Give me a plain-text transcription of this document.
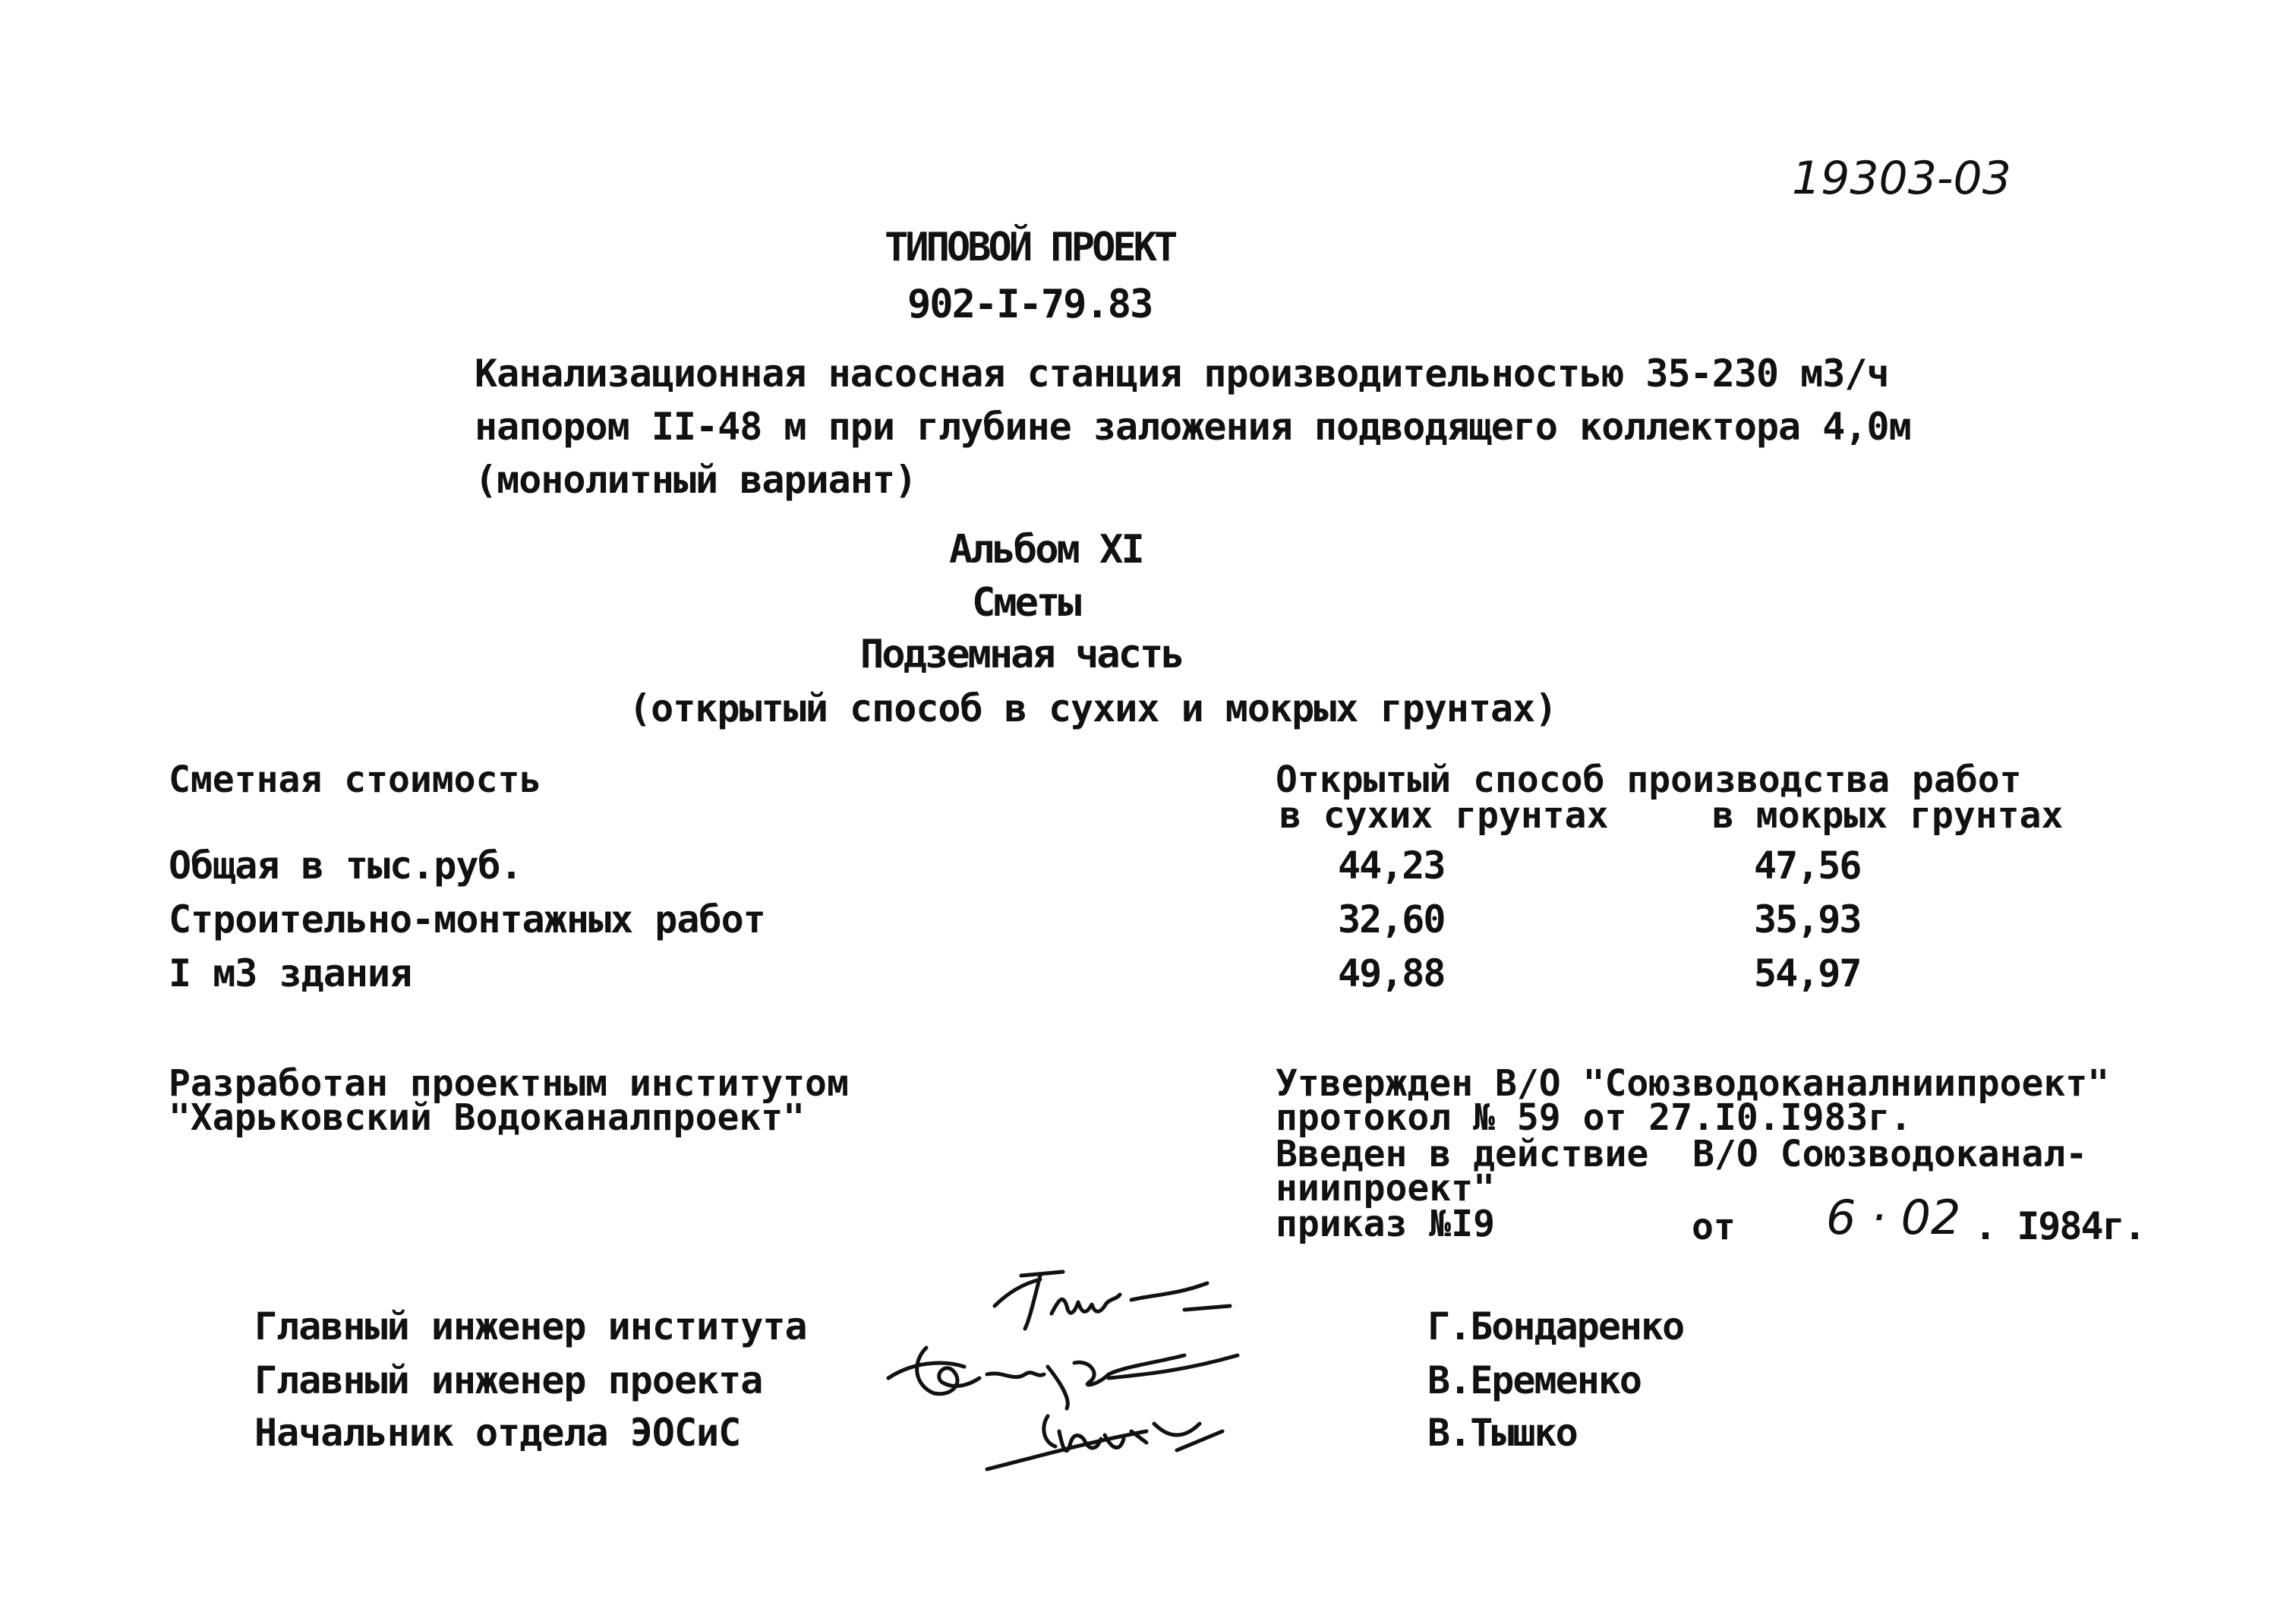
19303-03
ТИПОВОЙ ПРОЕКТ
902-I-79.83
Канализационная насосная станция производительностью 35-230 м3/ч
напором II-48 м при глубине заложения подводящего коллектора 4,0м
(монолитный вариант)
Альбом XI
Сметы
Подземная часть
(открытый способ в сухих и мокрых грунтах)
Сметная стоимость	Открытый способ производства работ
в сухих грунтах	в мокрых грунтах
Общая в тыс.руб.	44,23	47,56
Строительно-монтажных работ	32,60	35,93
I м3 здания	49,88	54,97
Разработан проектным институтом
"Харьковский Водоканалпроект"
Утвержден В/О "Союзводоканалниипроект"
протокол № 59 от 27.I0.I983г.
Введен в действие  В/О Союзводоканал-
ниипроект"
приказ №I9	от 6 · 02 . I984г.
Главный инженер института	Г.Бондаренко
Главный инженер проекта	В.Еременко
Начальник отдела ЭОСиС	В.Тышко
